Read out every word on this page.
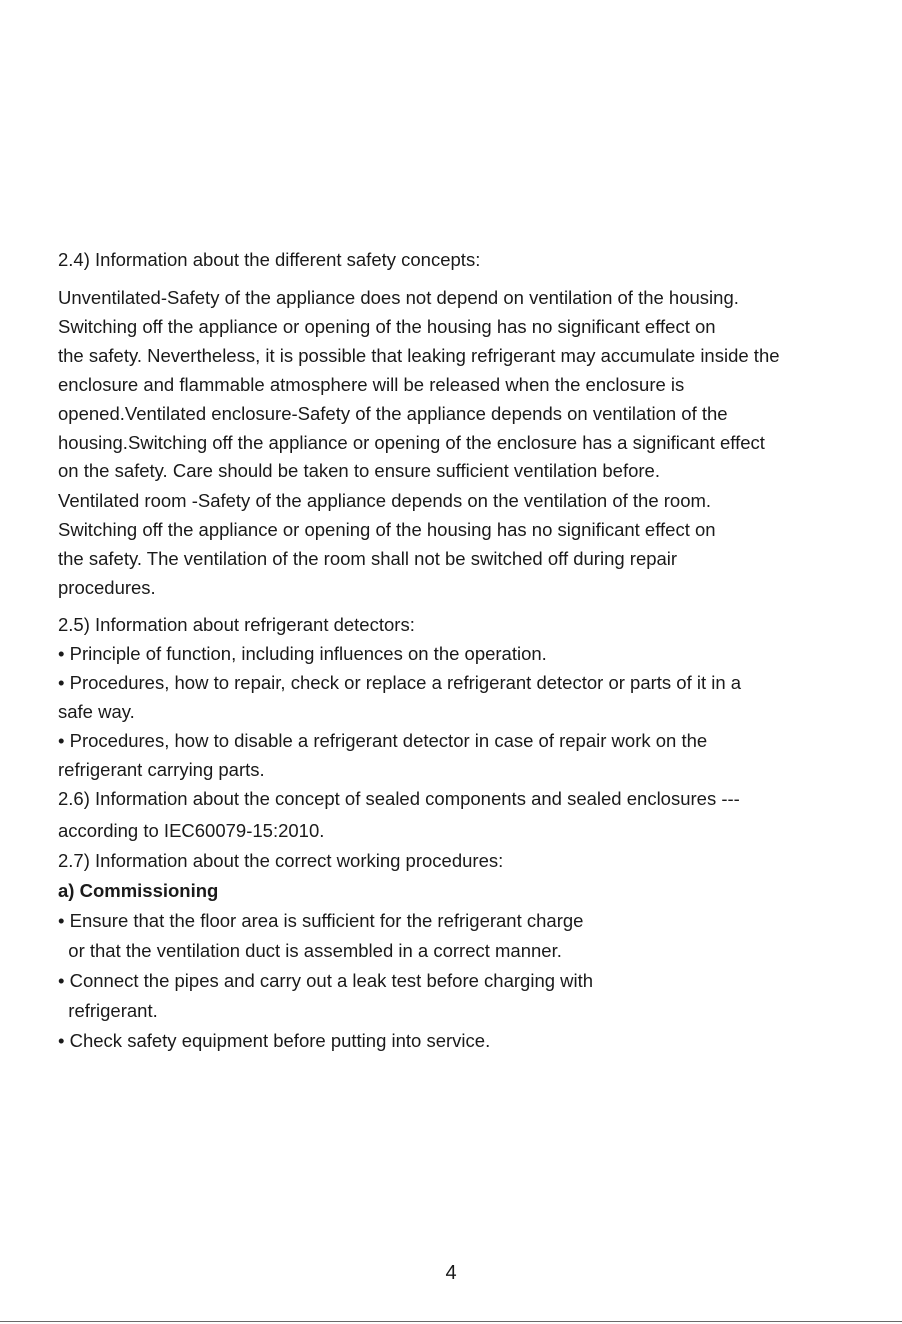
2.4) Information about the different safety concepts:
Unventilated-Safety of the appliance does not depend on ventilation of the housing.
Switching off the appliance or opening of the housing has no significant effect on
the safety. Nevertheless, it is possible that leaking refrigerant may accumulate inside the
enclosure and flammable atmosphere will be released when the enclosure is
opened.Ventilated enclosure-Safety of the appliance depends on ventilation of the
housing.Switching off the appliance or opening of the enclosure has a significant effect
on the safety. Care should be taken to ensure sufficient ventilation before.
Ventilated room -Safety of the appliance depends on the ventilation of the room.
Switching off the appliance or opening of the housing has no significant effect on
the safety. The ventilation of the room shall not be switched off during repair
procedures.
2.5) Information about refrigerant detectors:
• Principle of function, including influences on the operation.
• Procedures, how to repair, check or replace a refrigerant detector or parts of it in a
safe way.
• Procedures, how to disable a refrigerant detector in case of repair work on the
refrigerant carrying parts.
2.6) Information about the concept of sealed components and sealed enclosures ---
according to IEC60079-15:2010.
2.7) Information about the correct working procedures:
a) Commissioning
• Ensure that the floor area is sufficient for the refrigerant charge
or that the ventilation duct is assembled in a correct manner.
• Connect the pipes and carry out a leak test before charging with
refrigerant.
• Check safety equipment before putting into service.
4
